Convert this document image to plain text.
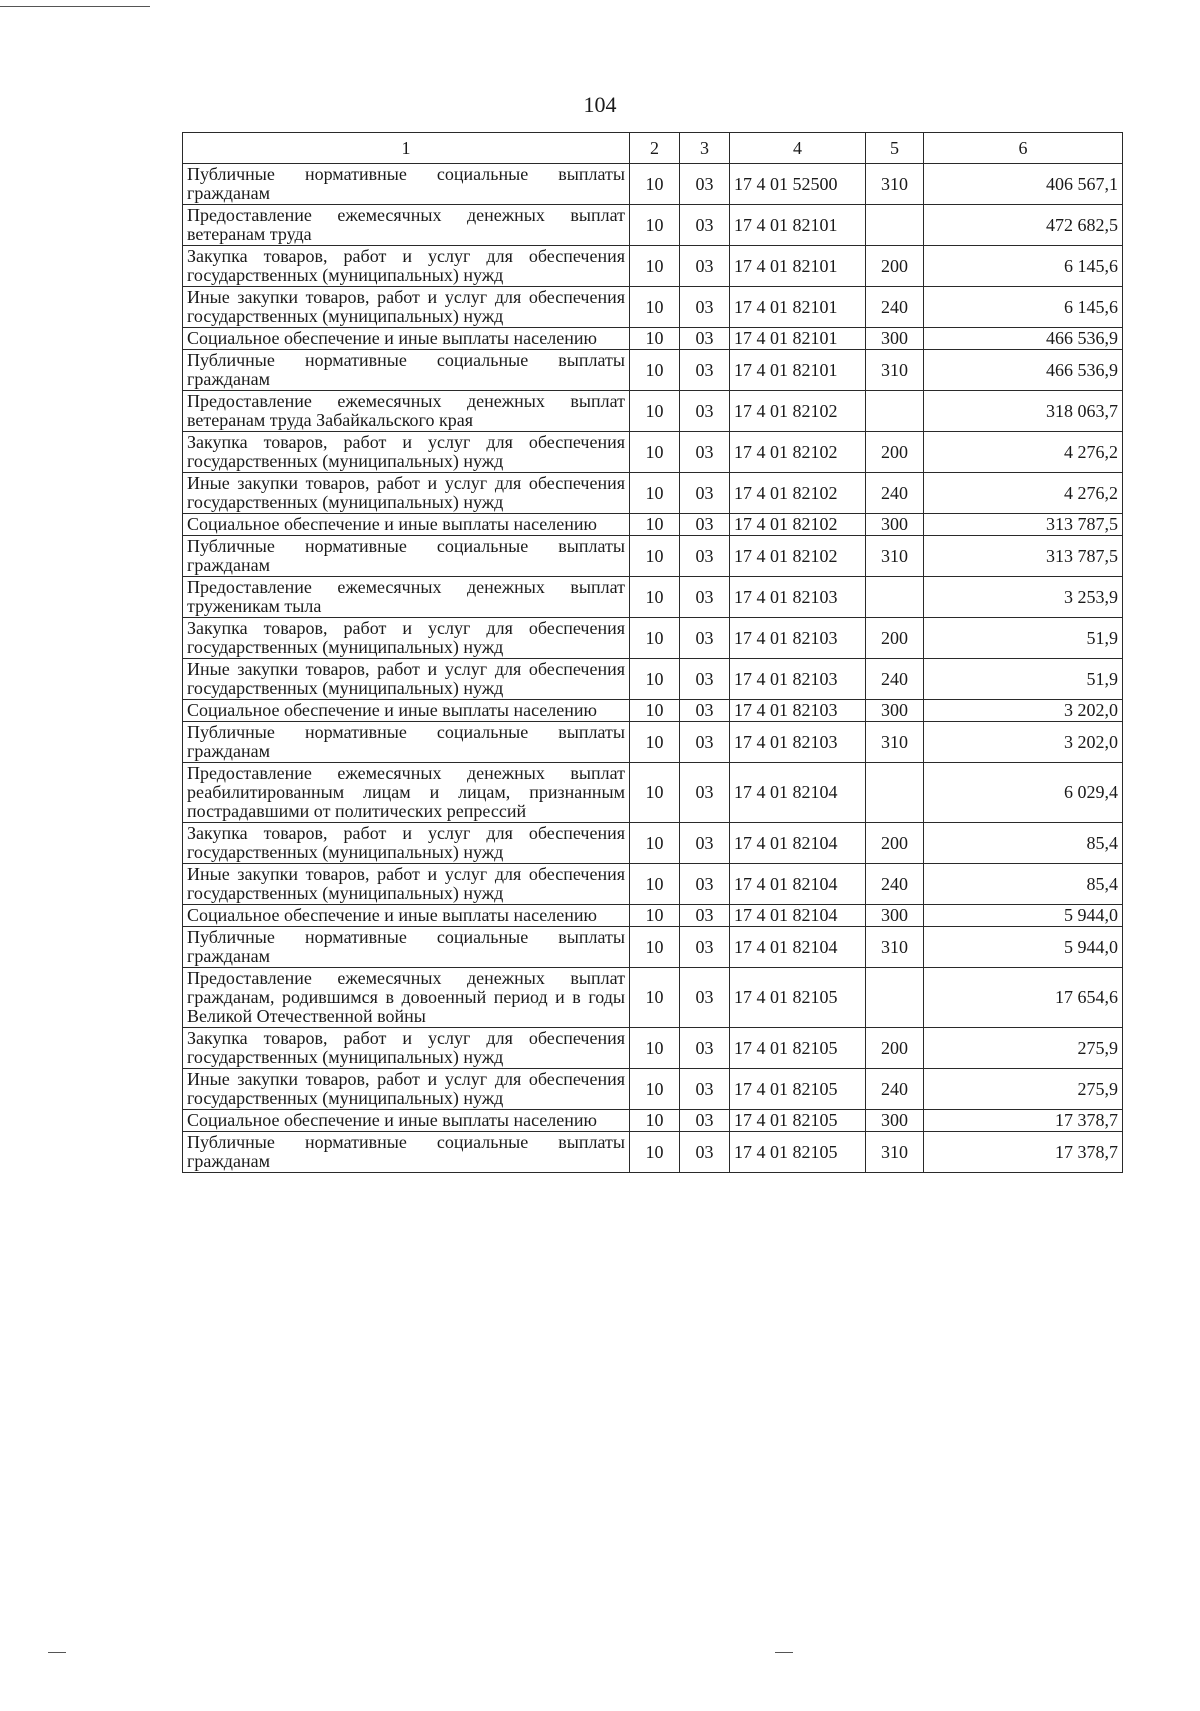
104
1	2	3	4	5	6
Публичные нормативные социальные выплаты гражданам	10	03	17 4 01 52500	310	406 567,1
Предоставление ежемесячных денежных выплат ветеранам труда	10	03	17 4 01 82101		472 682,5
Закупка товаров, работ и услуг для обеспечения государственных (муниципальных) нужд	10	03	17 4 01 82101	200	6 145,6
Иные закупки товаров, работ и услуг для обеспечения государственных (муниципальных) нужд	10	03	17 4 01 82101	240	6 145,6
Социальное обеспечение и иные выплаты населению	10	03	17 4 01 82101	300	466 536,9
Публичные нормативные социальные выплаты гражданам	10	03	17 4 01 82101	310	466 536,9
Предоставление ежемесячных денежных выплат ветеранам труда Забайкальского края	10	03	17 4 01 82102		318 063,7
Закупка товаров, работ и услуг для обеспечения государственных (муниципальных) нужд	10	03	17 4 01 82102	200	4 276,2
Иные закупки товаров, работ и услуг для обеспечения государственных (муниципальных) нужд	10	03	17 4 01 82102	240	4 276,2
Социальное обеспечение и иные выплаты населению	10	03	17 4 01 82102	300	313 787,5
Публичные нормативные социальные выплаты гражданам	10	03	17 4 01 82102	310	313 787,5
Предоставление ежемесячных денежных выплат труженикам тыла	10	03	17 4 01 82103		3 253,9
Закупка товаров, работ и услуг для обеспечения государственных (муниципальных) нужд	10	03	17 4 01 82103	200	51,9
Иные закупки товаров, работ и услуг для обеспечения государственных (муниципальных) нужд	10	03	17 4 01 82103	240	51,9
Социальное обеспечение и иные выплаты населению	10	03	17 4 01 82103	300	3 202,0
Публичные нормативные социальные выплаты гражданам	10	03	17 4 01 82103	310	3 202,0
Предоставление ежемесячных денежных выплат реабилитированным лицам и лицам, признанным пострадавшими от политических репрессий	10	03	17 4 01 82104		6 029,4
Закупка товаров, работ и услуг для обеспечения государственных (муниципальных) нужд	10	03	17 4 01 82104	200	85,4
Иные закупки товаров, работ и услуг для обеспечения государственных (муниципальных) нужд	10	03	17 4 01 82104	240	85,4
Социальное обеспечение и иные выплаты населению	10	03	17 4 01 82104	300	5 944,0
Публичные нормативные социальные выплаты гражданам	10	03	17 4 01 82104	310	5 944,0
Предоставление ежемесячных денежных выплат гражданам, родившимся в довоенный период и в годы Великой Отечественной войны	10	03	17 4 01 82105		17 654,6
Закупка товаров, работ и услуг для обеспечения государственных (муниципальных) нужд	10	03	17 4 01 82105	200	275,9
Иные закупки товаров, работ и услуг для обеспечения государственных (муниципальных) нужд	10	03	17 4 01 82105	240	275,9
Социальное обеспечение и иные выплаты населению	10	03	17 4 01 82105	300	17 378,7
Публичные нормативные социальные выплаты гражданам	10	03	17 4 01 82105	310	17 378,7
